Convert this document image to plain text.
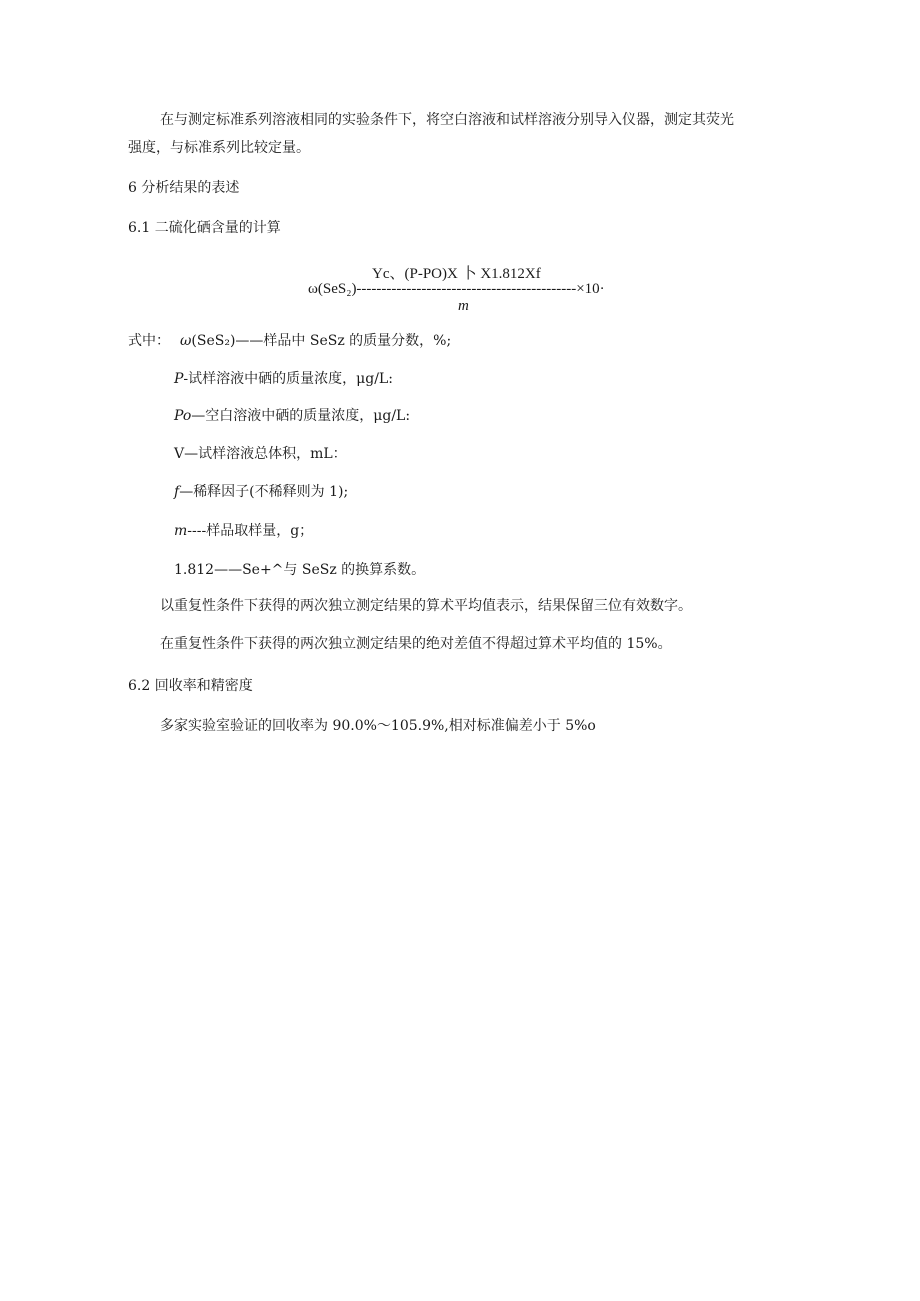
在与测定标准系列溶液相同的实验条件下，将空白溶液和试样溶液分别导入仪器，测定其荧光
强度，与标准系列比较定量。
6 分析结果的表述
6.1 二硫化硒含量的计算
Yc、(P-PO)X 卜 X1.812Xf
ω(SeS₂)--------------------------------------------×10·
m
式中： ω(SeS₂)——样品中 SeSz 的质量分数，%;
P-试样溶液中硒的质量浓度，μg/L:
Po—空白溶液中硒的质量浓度，μg/L:
V—试样溶液总体积，mL：
f—稀释因子(不稀释则为 1);
m----样品取样量，g；
1.812——Se+^与 SeSz 的换算系数。
以重复性条件下获得的两次独立测定结果的算术平均值表示，结果保留三位有效数字。
在重复性条件下获得的两次独立测定结果的绝对差值不得超过算术平均值的 15%。
6.2 回收率和精密度
多家实验室验证的回收率为 90.0%～105.9%,相对标准偏差小于 5%o
